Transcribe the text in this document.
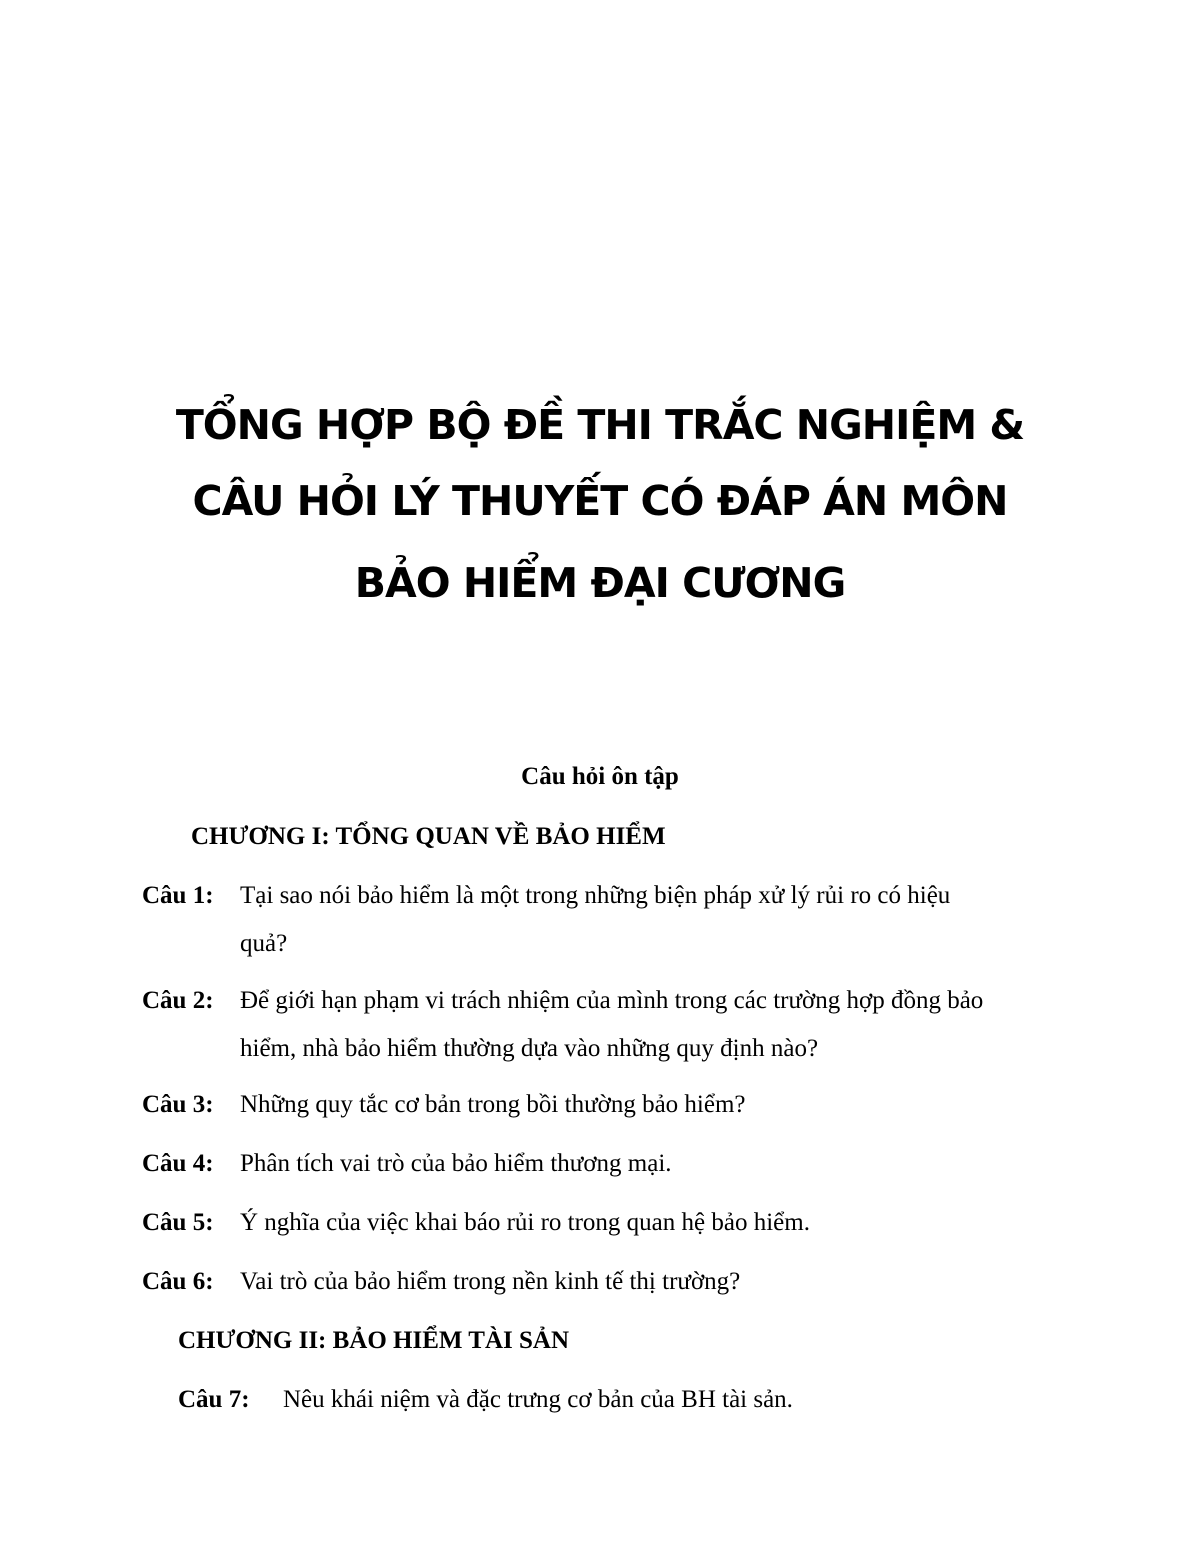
TỔNG HỢP BỘ ĐỀ THI TRẮC NGHIỆM &
CÂU HỎI LÝ THUYẾT CÓ ĐÁP ÁN MÔN
BẢO HIỂM ĐẠI CƯƠNG
Câu hỏi ôn tập
CHƯƠNG I: TỔNG QUAN VỀ BẢO HIỂM
Câu 1: Tại sao nói bảo hiểm là một trong những biện pháp xử lý rủi ro có hiệu
quả?
Câu 2: Để giới hạn phạm vi trách nhiệm của mình trong các trường hợp đồng bảo
hiểm, nhà bảo hiểm thường dựa vào những quy định nào?
Câu 3: Những quy tắc cơ bản trong bồi thường bảo hiểm?
Câu 4: Phân tích vai trò của bảo hiểm thương mại.
Câu 5: Ý nghĩa của việc khai báo rủi ro trong quan hệ bảo hiểm.
Câu 6: Vai trò của bảo hiểm trong nền kinh tế thị trường?
CHƯƠNG II: BẢO HIỂM TÀI SẢN
Câu 7: Nêu khái niệm và đặc trưng cơ bản của BH tài sản.
